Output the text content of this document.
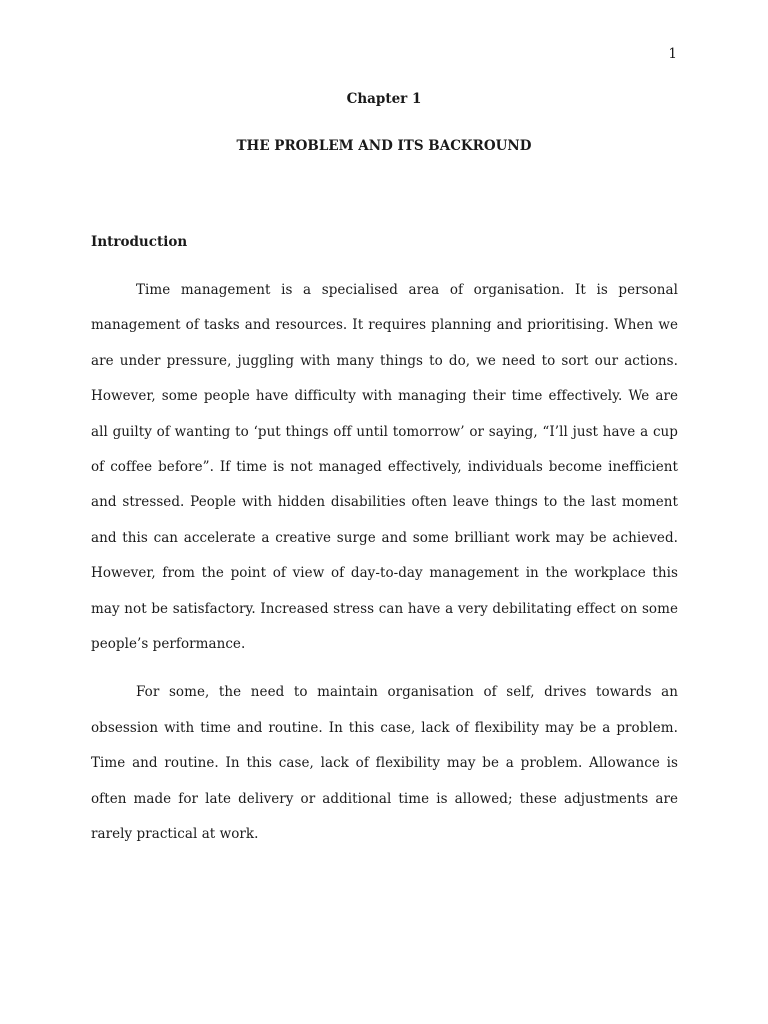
1
Chapter 1
THE PROBLEM AND ITS BACKROUND
Introduction

Time management is a specialised area of organisation. It is personal management of tasks and resources. It requires planning and prioritising. When we are under pressure, juggling with many things to do, we need to sort our actions. However, some people have difficulty with managing their time effectively. We are all guilty of wanting to ‘put things off until tomorrow’ or saying, “I’ll just have a cup of coffee before”. If time is not managed effectively, individuals become inefficient and stressed. People with hidden disabilities often leave things to the last moment and this can accelerate a creative surge and some brilliant work may be achieved. However, from the point of view of day-to-day management in the workplace this may not be satisfactory. Increased stress can have a very debilitating effect on some people’s performance.

For some, the need to maintain organisation of self, drives towards an obsession with time and routine. In this case, lack of flexibility may be a problem. Time and routine. In this case, lack of flexibility may be a problem. Allowance is often made for late delivery or additional time is allowed; these adjustments are rarely practical at work.
